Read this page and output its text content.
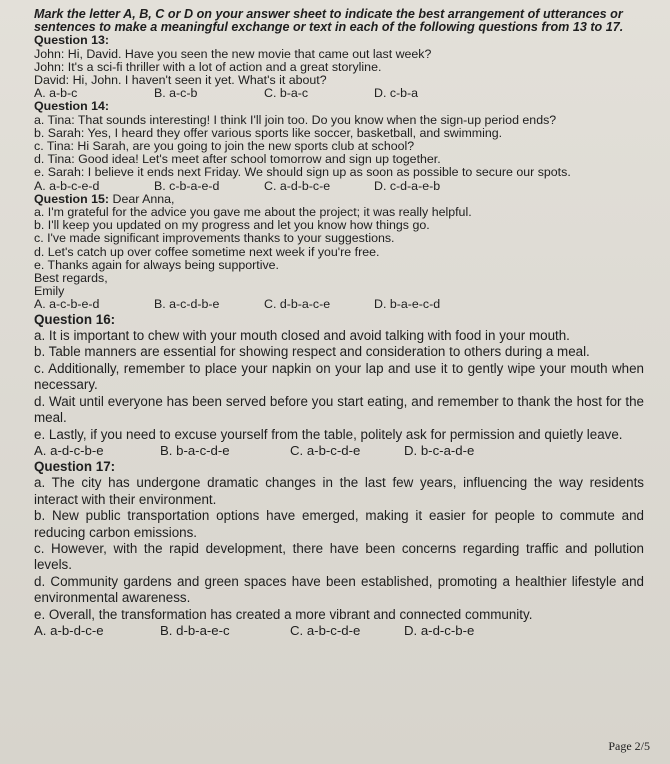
Mark the letter A, B, C or D on your answer sheet to indicate the best arrangement of utterances or sentences to make a meaningful exchange or text in each of the following questions from 13 to 17.
Question 13:
John: Hi, David. Have you seen the new movie that came out last week?
John: It's a sci-fi thriller with a lot of action and a great storyline.
David: Hi, John. I haven't seen it yet. What's it about?
A. a-b-c	B. a-c-b	C. b-a-c	D. c-b-a
Question 14:
a. Tina: That sounds interesting! I think I'll join too. Do you know when the sign-up period ends?
b. Sarah: Yes, I heard they offer various sports like soccer, basketball, and swimming.
c. Tina: Hi Sarah, are you going to join the new sports club at school?
d. Tina: Good idea! Let's meet after school tomorrow and sign up together.
e. Sarah: I believe it ends next Friday. We should sign up as soon as possible to secure our spots.
A. a-b-c-e-d	B. c-b-a-e-d	C. a-d-b-c-e	D. c-d-a-e-b
Question 15: Dear Anna,
a. I'm grateful for the advice you gave me about the project; it was really helpful.
b. I'll keep you updated on my progress and let you know how things go.
c. I've made significant improvements thanks to your suggestions.
d. Let's catch up over coffee sometime next week if you're free.
e. Thanks again for always being supportive.
Best regards,
Emily
A. a-c-b-e-d	B. a-c-d-b-e	C. d-b-a-c-e	D. b-a-e-c-d
Question 16:
a. It is important to chew with your mouth closed and avoid talking with food in your mouth.
b. Table manners are essential for showing respect and consideration to others during a meal.
c. Additionally, remember to place your napkin on your lap and use it to gently wipe your mouth when necessary.
d. Wait until everyone has been served before you start eating, and remember to thank the host for the meal.
e. Lastly, if you need to excuse yourself from the table, politely ask for permission and quietly leave.
A. a-d-c-b-e	B. b-a-c-d-e	C. a-b-c-d-e	D. b-c-a-d-e
Question 17:
a. The city has undergone dramatic changes in the last few years, influencing the way residents interact with their environment.
b. New public transportation options have emerged, making it easier for people to commute and reducing carbon emissions.
c. However, with the rapid development, there have been concerns regarding traffic and pollution levels.
d. Community gardens and green spaces have been established, promoting a healthier lifestyle and environmental awareness.
e. Overall, the transformation has created a more vibrant and connected community.
A. a-b-d-c-e	B. d-b-a-e-c	C. a-b-c-d-e	D. a-d-c-b-e
Page 2/5
